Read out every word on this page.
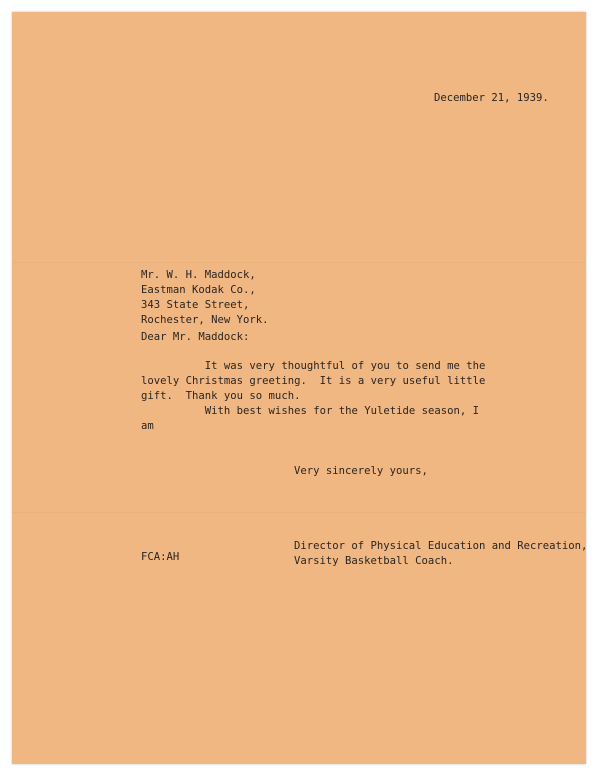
December 21, 1939.
Mr. W. H. Maddock,
Eastman Kodak Co.,
343 State Street,
Rochester, New York.
Dear Mr. Maddock:
It was very thoughtful of you to send me the
lovely Christmas greeting.  It is a very useful little
gift.  Thank you so much.
With best wishes for the Yuletide season, I
am
Very sincerely yours,
Director of Physical Education and Recreation,
Varsity Basketball Coach.
FCA:AH
